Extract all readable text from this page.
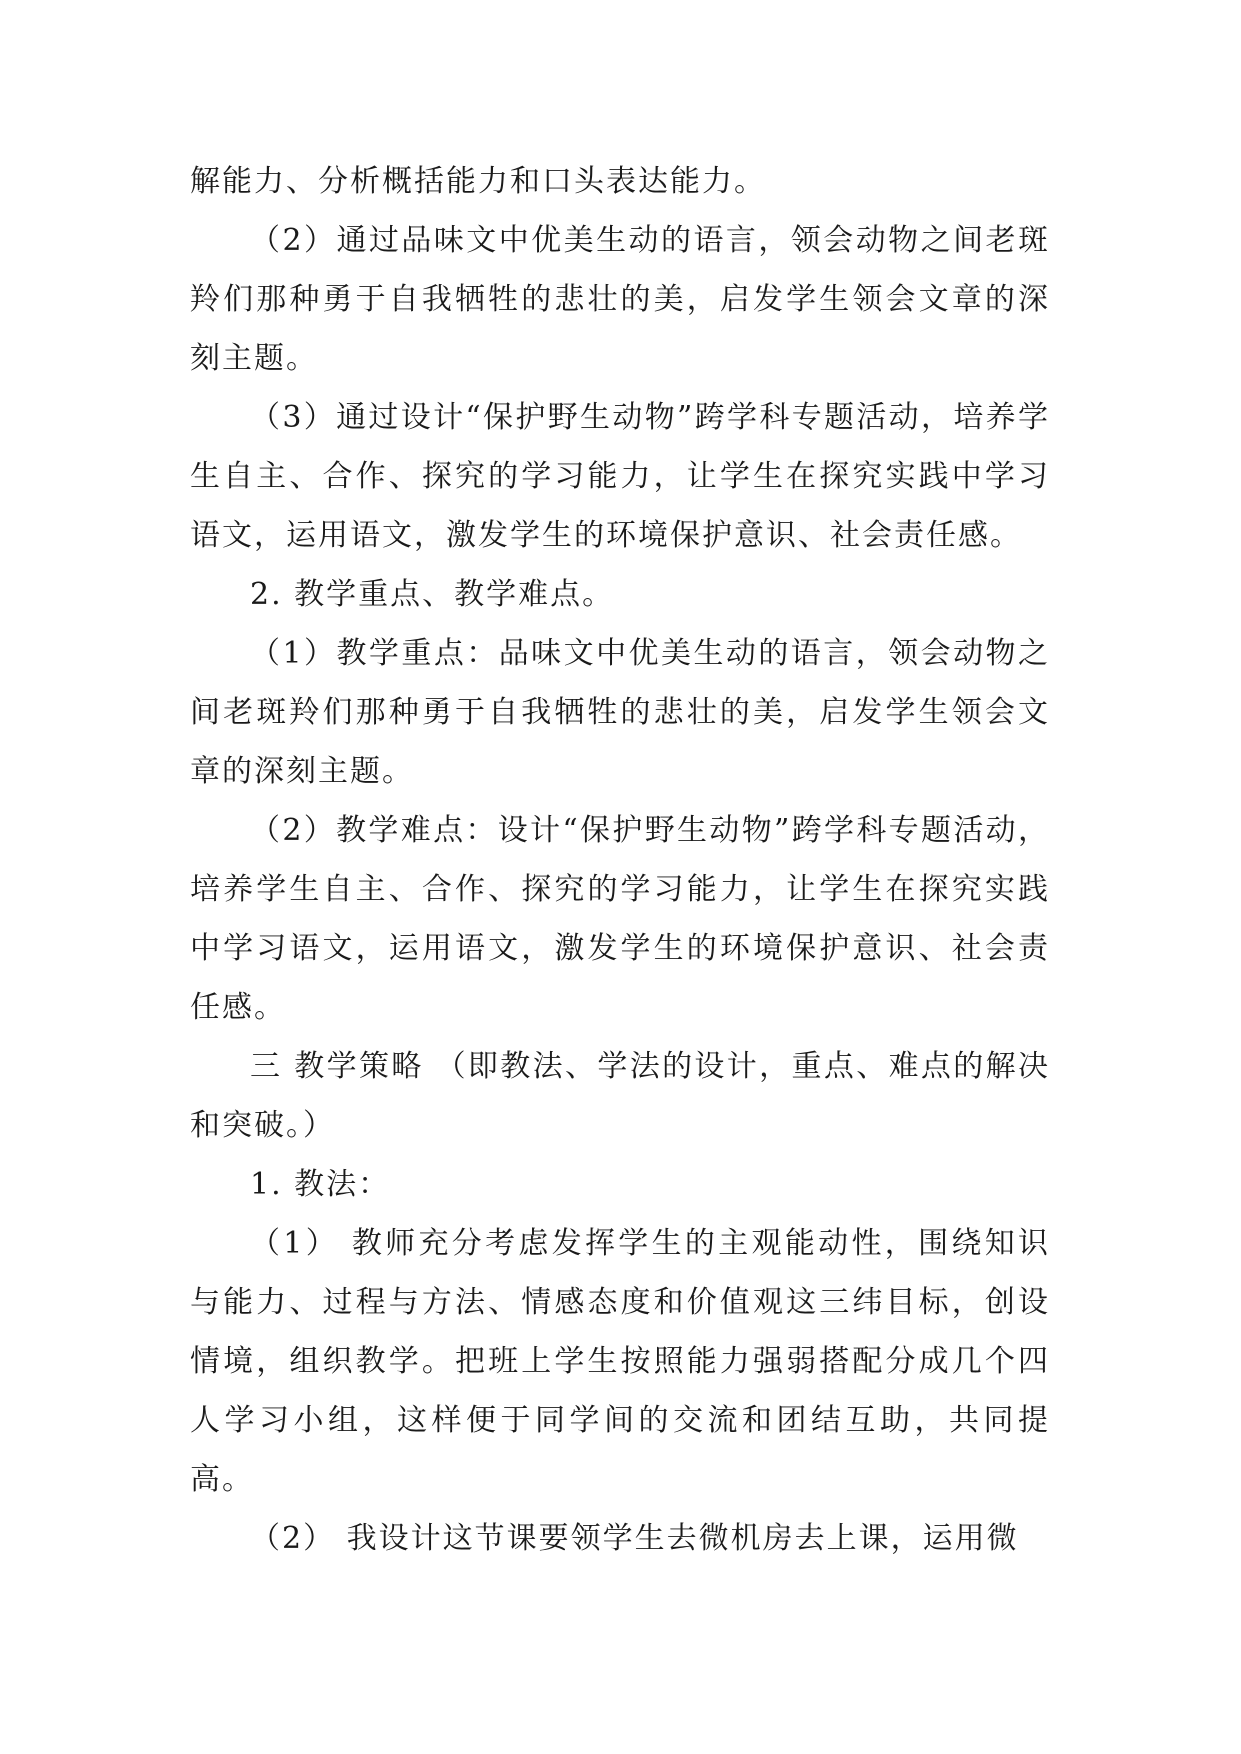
解能力、分析概括能力和口头表达能力。

（2）通过品味文中优美生动的语言，领会动物之间老斑羚们那种勇于自我牺牲的悲壮的美，启发学生领会文章的深刻主题。

（3）通过设计“保护野生动物”跨学科专题活动，培养学生自主、合作、探究的学习能力，让学生在探究实践中学习语文，运用语文，激发学生的环境保护意识、社会责任感。

2. 教学重点、教学难点。

（1）教学重点：品味文中优美生动的语言，领会动物之间老斑羚们那种勇于自我牺牲的悲壮的美，启发学生领会文章的深刻主题。

（2）教学难点：设计“保护野生动物”跨学科专题活动，培养学生自主、合作、探究的学习能力，让学生在探究实践中学习语文，运用语文，激发学生的环境保护意识、社会责任感。

三 教学策略 （即教法、学法的设计，重点、难点的解决和突破。）

1. 教法：

（1） 教师充分考虑发挥学生的主观能动性，围绕知识与能力、过程与方法、情感态度和价值观这三纬目标，创设情境，组织教学。把班上学生按照能力强弱搭配分成几个四人学习小组，这样便于同学间的交流和团结互助，共同提高。

（2） 我设计这节课要领学生去微机房去上课，运用微
